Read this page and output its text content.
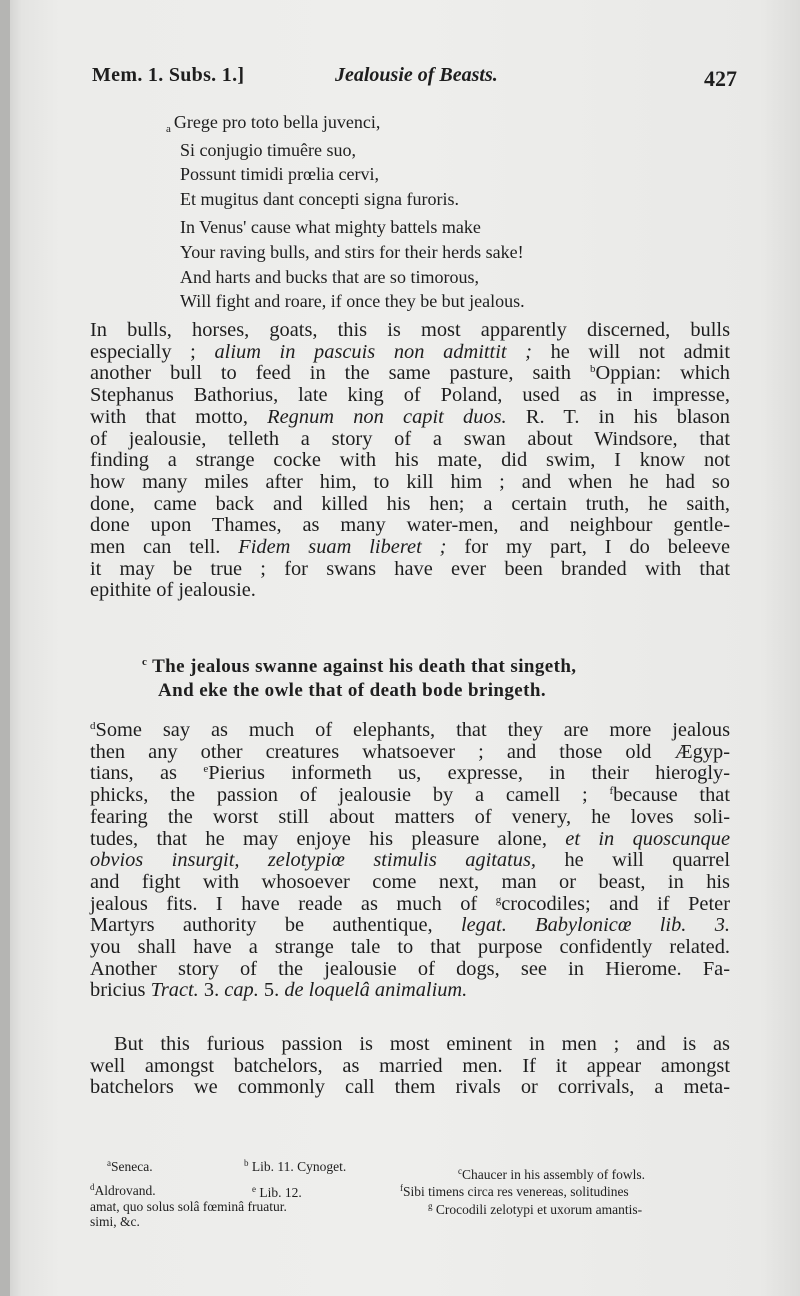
Mem. 1. Subs. 1.]	Jealousie of Beasts.	427
$_a$ Grege pro toto bella juvenci,
Si conjugio timuêre suo,
Possunt timidi prœlia cervi,
Et mugitus dant concepti signa furoris.
In Venus' cause what mighty battels make
Your raving bulls, and stirs for their herds sake!
And harts and bucks that are so timorous,
Will fight and roare, if once they be but jealous.
In bulls, horses, goats, this is most apparently discerned, bulls
especially ; alium in pascuis non admittit ; he will not admit
another bull to feed in the same pasture, saith $^b$Oppian: which
Stephanus Bathorius, late king of Poland, used as in impresse,
with that motto, Regnum non capit duos. R. T. in his blason
of jealousie, telleth a story of a swan about Windsore, that
finding a strange cocke with his mate, did swim, I know not
how many miles after him, to kill him ; and when he had so
done, came back and killed his hen; a certain truth, he saith,
done upon Thames, as many water-men, and neighbour gentle-
men can tell. Fidem suam liberet ; for my part, I do beleeve
it may be true ; for swans have ever been branded with that
epithite of jealousie.
$^c$ The jealous swanne against his death that singeth,
And eke the owle that of death bode bringeth.
$^d$Some say as much of elephants, that they are more jealous
then any other creatures whatsoever ; and those old Ægyp-
tians, as $^e$Pierius informeth us, expresse, in their hierogly-
phicks, the passion of jealousie by a camell ; $^f$because that
fearing the worst still about matters of venery, he loves soli-
tudes, that he may enjoye his pleasure alone, et in quoscunque
obvios insurgit, zelotypiœ stimulis agitatus, he will quarrel
and fight with whosoever come next, man or beast, in his
jealous fits. I have reade as much of $^g$crocodiles; and if Peter
Martyrs authority be authentique, legat. Babylonicœ lib. 3.
you shall have a strange tale to that purpose confidently related.
Another story of the jealousie of dogs, see in Hierome. Fa-
bricius Tract. 3. cap. 5. de loquelâ animalium.
But this furious passion is most eminent in men ; and is as
well amongst batchelors, as married men. If it appear amongst
batchelors we commonly call them rivals or corrivals, a meta-
$^a$Seneca.	$^b$ Lib. 11. Cynoget.	$^c$Chaucer in his assembly of fowls.
$^d$Aldrovand.	$^e$ Lib. 12.	$^f$Sibi timens circa res venereas, solitudines
amat, quo solus solâ fœminâ fruatur.	$^g$ Crocodili zelotypi et uxorum amantis-
simi, &c.
